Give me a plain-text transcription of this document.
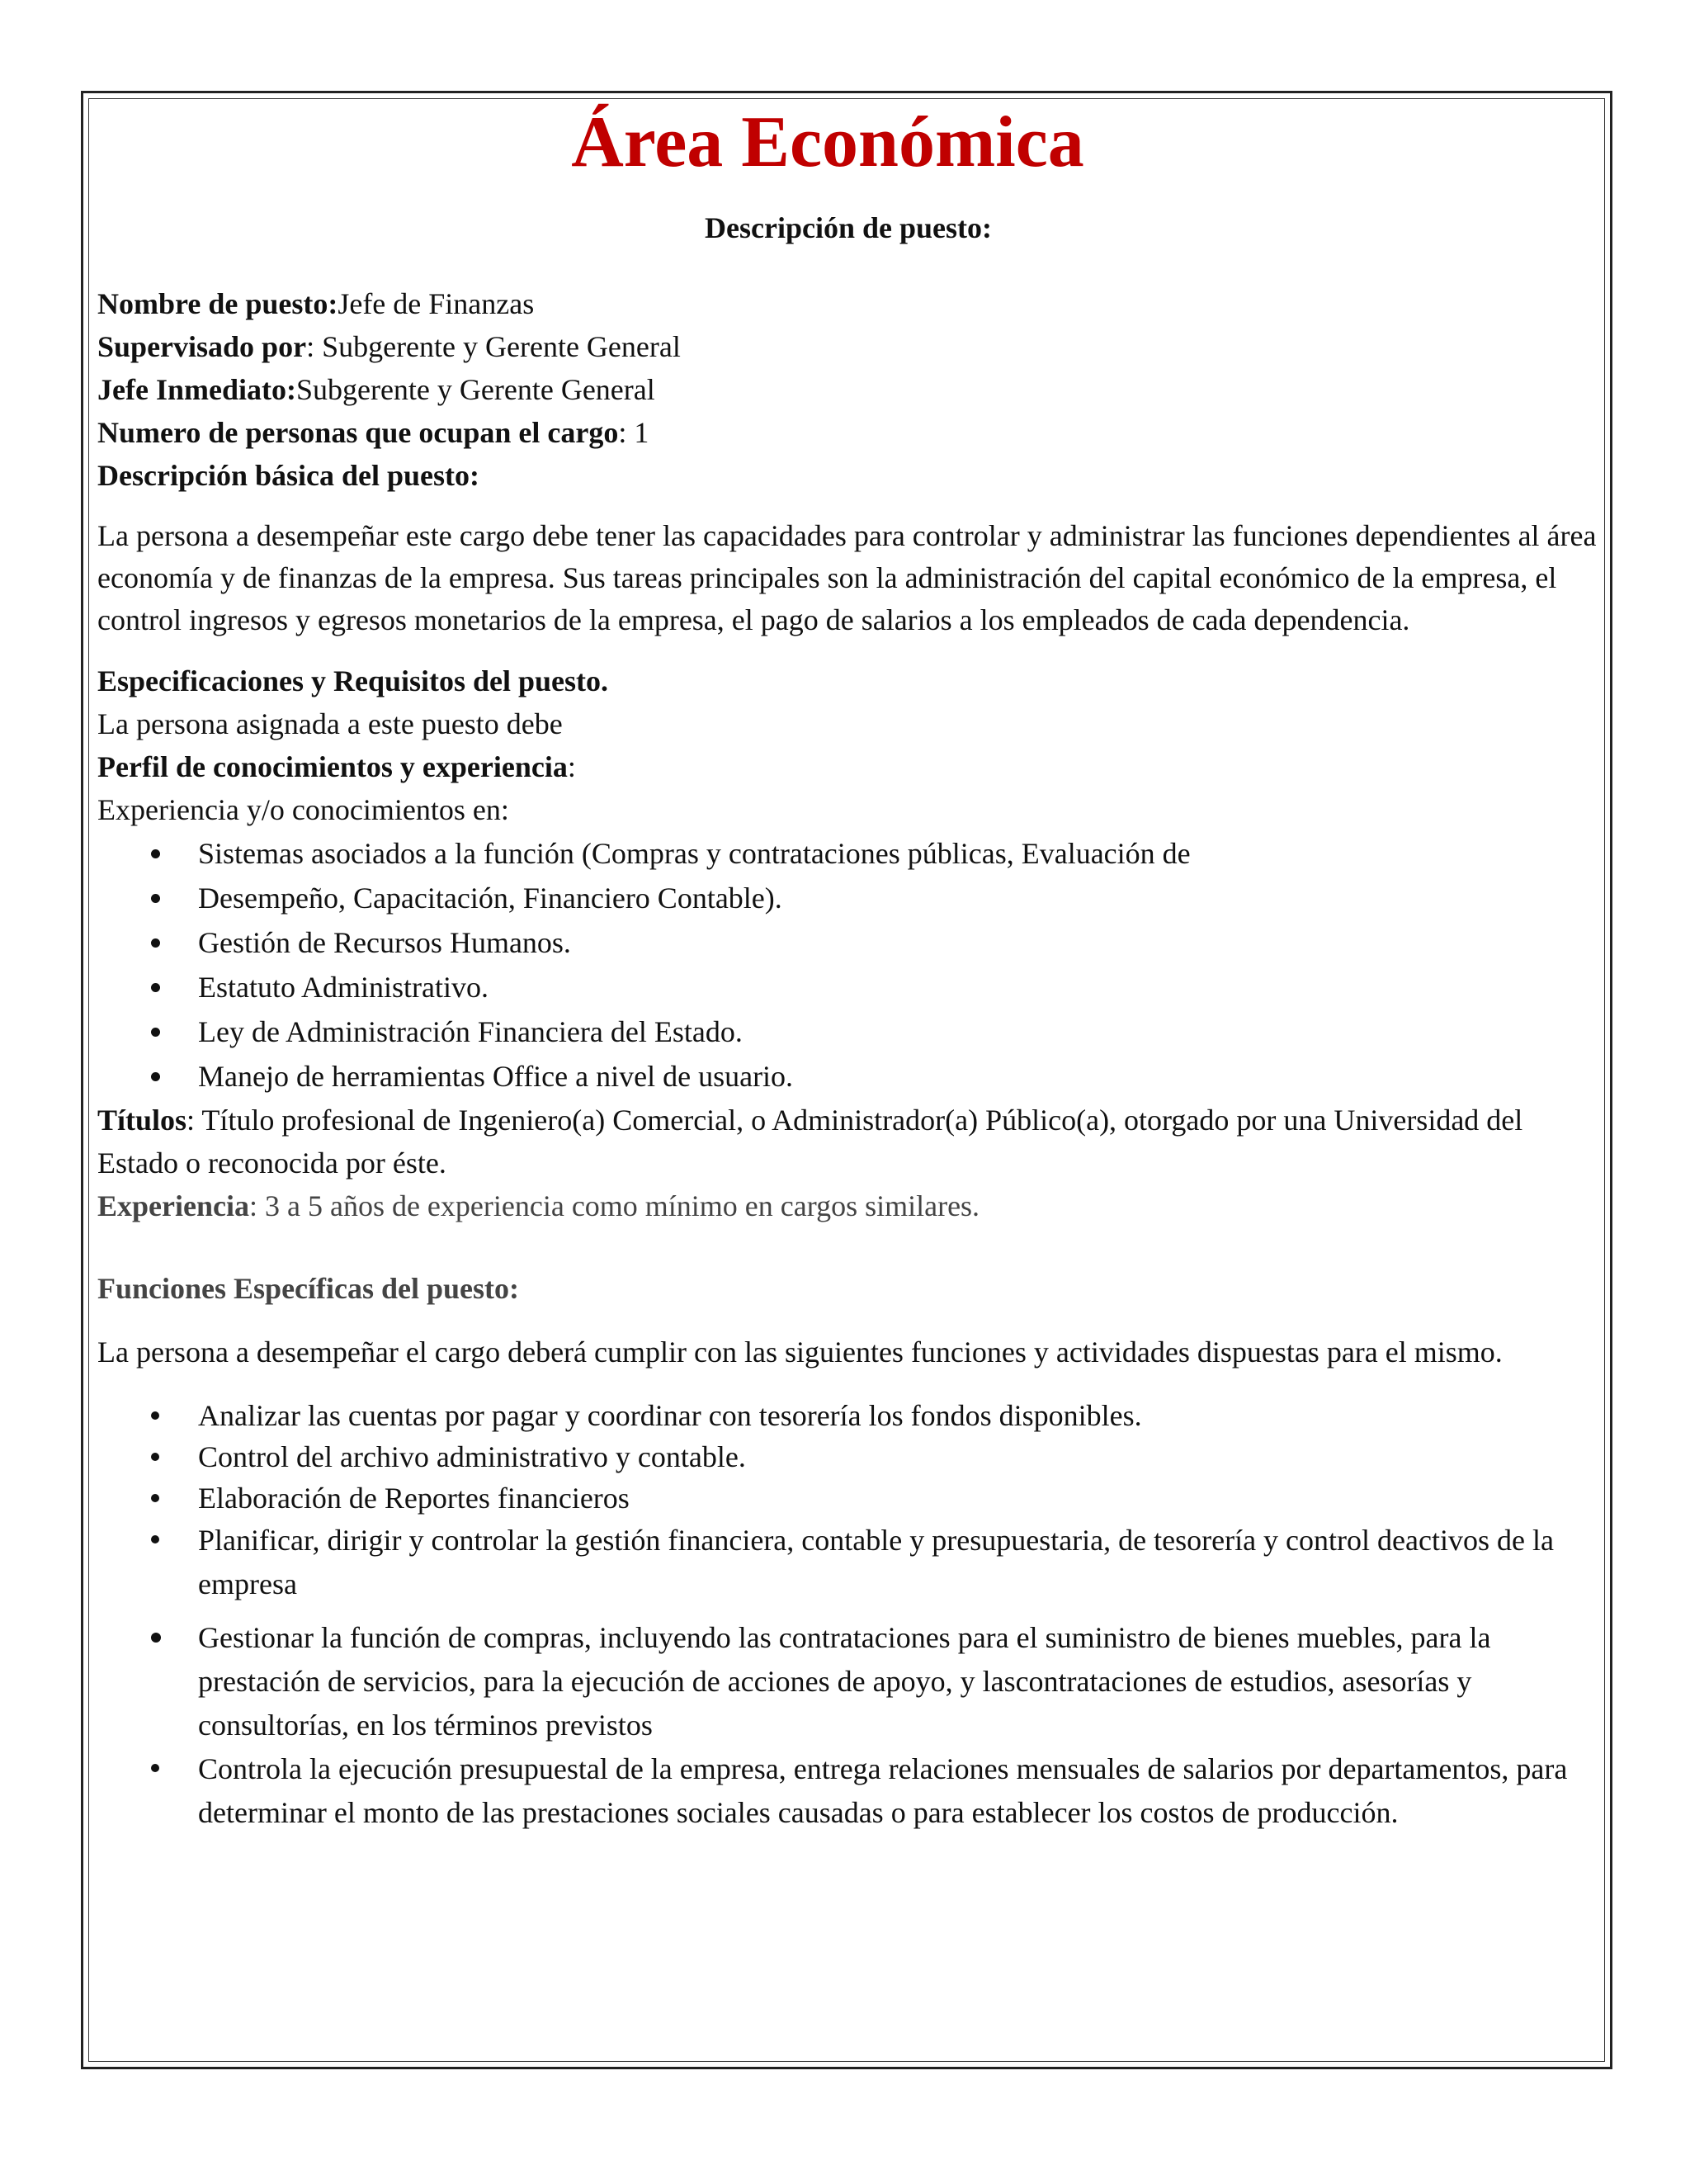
Área Económica

Descripción de puesto:

Nombre de puesto:Jefe de Finanzas

Supervisado por: Subgerente y Gerente General

Jefe Inmediato:Subgerente y Gerente General

Numero de personas que ocupan el cargo: 1

Descripción básica del puesto:

La persona a desempeñar este cargo debe tener las capacidades para controlar y administrar las funciones dependientes al área economía y de finanzas de la empresa. Sus tareas principales son la administración del capital económico de la empresa, el control ingresos y egresos monetarios de la empresa, el pago de salarios a los empleados de cada dependencia.

Especificaciones y Requisitos del puesto.

La persona asignada a este puesto debe

Perfil de conocimientos y experiencia:

Experiencia y/o conocimientos en:

Sistemas asociados a la función (Compras y contrataciones públicas, Evaluación de
Desempeño, Capacitación, Financiero Contable).
Gestión de Recursos Humanos.
Estatuto Administrativo.
Ley de Administración Financiera del Estado.
Manejo de herramientas Office a nivel de usuario.

Títulos: Título profesional de Ingeniero(a) Comercial, o Administrador(a) Público(a), otorgado por una Universidad del Estado o reconocida por éste.

Experiencia: 3 a 5 años de experiencia como mínimo en cargos similares.

Funciones Específicas del puesto:

La persona a desempeñar el cargo deberá cumplir con las siguientes funciones y actividades dispuestas para el mismo.

Analizar las cuentas por pagar y coordinar con tesorería los fondos disponibles.
Control del archivo administrativo y contable.
Elaboración de Reportes financieros
Planificar, dirigir y controlar la gestión financiera, contable y presupuestaria, de tesorería y control deactivos de la empresa
Gestionar la función de compras, incluyendo las contrataciones para el suministro de bienes muebles, para la prestación de servicios, para la ejecución de acciones de apoyo, y lascontrataciones de estudios, asesorías y consultorías, en los términos previstos
Controla la ejecución presupuestal de la empresa, entrega relaciones mensuales de salarios por departamentos, para determinar el monto de las prestaciones sociales causadas o para establecer los costos de producción.
